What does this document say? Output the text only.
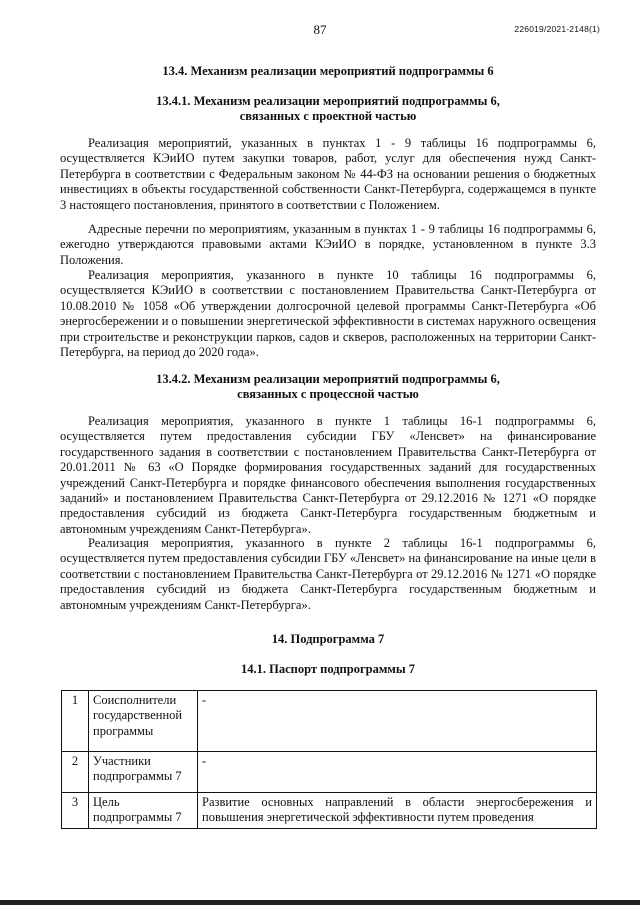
87	226019/2021-2148(1)

13.4. Механизм реализации мероприятий подпрограммы 6

13.4.1. Механизм реализации мероприятий подпрограммы 6,

связанных с проектной частью

Реализация мероприятий, указанных в пунктах 1 - 9 таблицы 16 подпрограммы 6, осуществляется КЭиИО путем закупки товаров, работ, услуг для обеспечения нужд Санкт-Петербурга в соответствии с Федеральным законом № 44-ФЗ на основании решения о бюджетных инвестициях в объекты государственной собственности Санкт-Петербурга, содержащемся в пункте 3 настоящего постановления, принятого в соответствии с Положением.

Адресные перечни по мероприятиям, указанным в пунктах 1 - 9 таблицы 16 подпрограммы 6, ежегодно утверждаются правовыми актами КЭиИО в порядке, установленном в пункте 3.3 Положения.

Реализация мероприятия, указанного в пункте 10 таблицы 16 подпрограммы 6, осуществляется КЭиИО в соответствии с постановлением Правительства Санкт-Петербурга от 10.08.2010 № 1058 «Об утверждении долгосрочной целевой программы Санкт-Петербурга «Об энергосбережении и о повышении энергетической эффективности в системах наружного освещения при строительстве и реконструкции парков, садов и скверов, расположенных на территории Санкт-Петербурга, на период до 2020 года».

13.4.2. Механизм реализации мероприятий подпрограммы 6,

связанных с процессной частью

Реализация мероприятия, указанного в пункте 1 таблицы 16-1 подпрограммы 6, осуществляется путем предоставления субсидии ГБУ «Ленсвет» на финансирование государственного задания в соответствии с постановлением Правительства Санкт-Петербурга от 20.01.2011 № 63 «О Порядке формирования государственных заданий для государственных учреждений Санкт-Петербурга и порядке финансового обеспечения выполнения государственных заданий» и постановлением Правительства Санкт-Петербурга от 29.12.2016 № 1271 «О порядке предоставления субсидий из бюджета Санкт-Петербурга государственным бюджетным и автономным учреждениям Санкт-Петербурга».

Реализация мероприятия, указанного в пункте 2 таблицы 16-1 подпрограммы 6, осуществляется путем предоставления субсидии ГБУ «Ленсвет» на финансирование на иные цели в соответствии с постановлением Правительства Санкт-Петербурга от 29.12.2016 № 1271 «О порядке предоставления субсидий из бюджета Санкт-Петербурга государственным бюджетным и автономным учреждениям Санкт-Петербурга».

14. Подпрограмма 7

14.1. Паспорт подпрограммы 7

1	Соисполнители государственной программы	-
2	Участники подпрограммы 7	-
3	Цель подпрограммы 7	Развитие основных направлений в области энергосбережения и повышения энергетической эффективности путем проведения
